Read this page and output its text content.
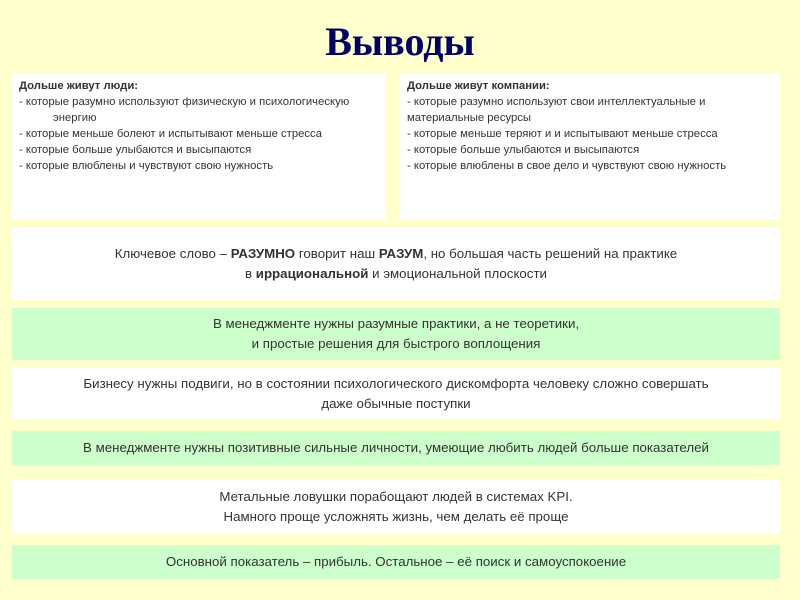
Выводы
Дольше живут люди:
- которые разумно используют физическую и психологическую энергию
- которые меньше болеют и испытывают меньше стресса
- которые больше улыбаются и высыпаются
- которые влюблены и чувствуют свою нужность
Дольше живут компании:
- которые разумно используют свои интеллектуальные и материальные ресурсы
- которые меньше теряют и и испытывают меньше стресса
- которые больше улыбаются и высыпаются
- которые влюблены в свое дело и чувствуют свою нужность
Ключевое слово – РАЗУМНО говорит наш РАЗУМ, но большая часть решений на практике
в иррациональной и эмоциональной плоскости
В менеджменте нужны разумные практики, а не теоретики,
и простые решения для быстрого воплощения
Бизнесу нужны подвиги, но в состоянии психологического дискомфорта человеку сложно совершать
даже обычные поступки
В менеджменте нужны позитивные сильные личности, умеющие любить людей больше показателей
Метальные ловушки порабощают людей в системах KPI.
Намного проще усложнять жизнь, чем делать её проще
Основной показатель – прибыль. Остальное – её поиск и самоуспокоение
